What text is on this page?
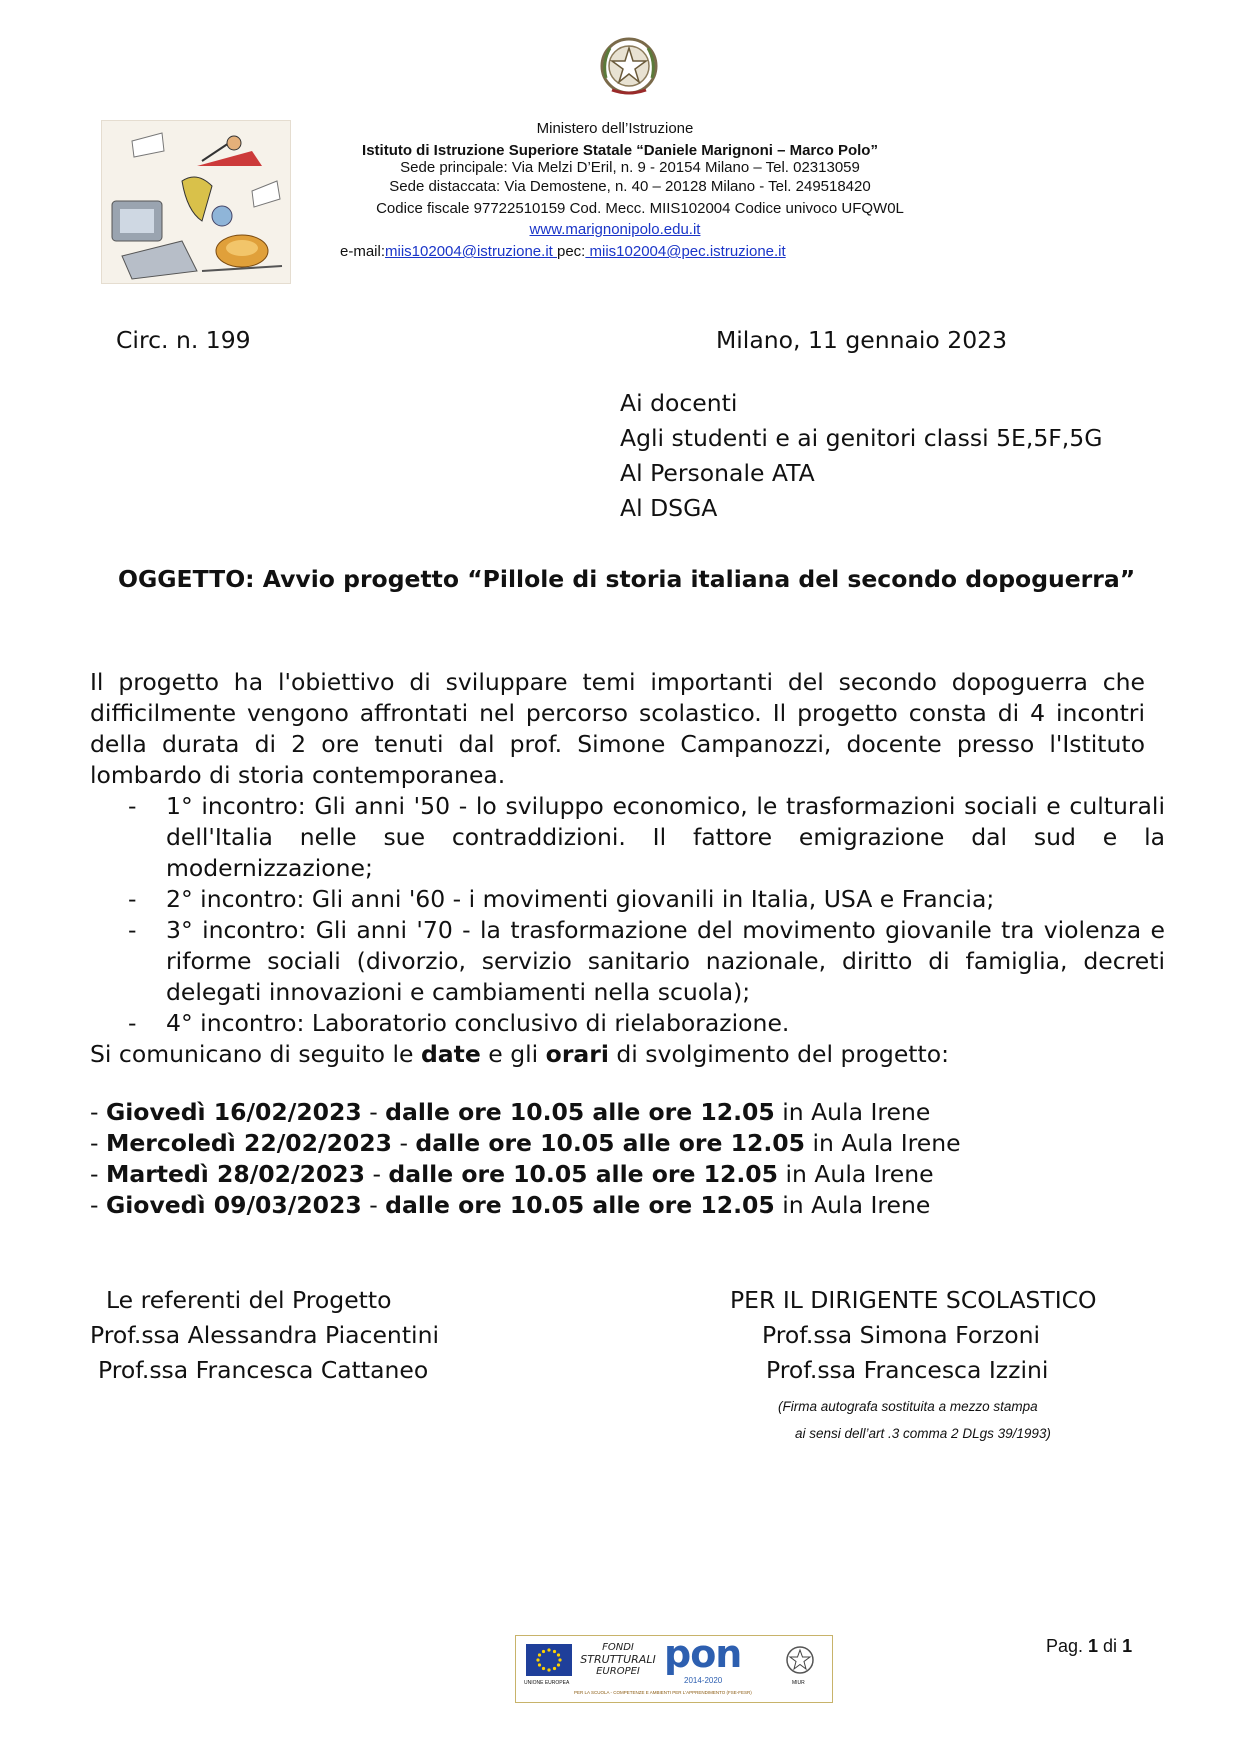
Ministero dell’Istruzione
Istituto di Istruzione Superiore Statale “Daniele Marignoni – Marco Polo”
Sede principale: Via Melzi D’Eril, n. 9 - 20154 Milano – Tel. 02313059
Sede distaccata: Via Demostene, n. 40 – 20128 Milano - Tel. 249518420
Codice fiscale 97722510159 Cod. Mecc. MIIS102004 Codice univoco UFQW0L
www.marignonipolo.edu.it
e-mail:miis102004@istruzione.it pec: miis102004@pec.istruzione.it
Circ. n. 199	Milano, 11 gennaio 2023
Ai docenti
Agli studenti e ai genitori classi 5E,5F,5G
Al Personale ATA
Al DSGA
OGGETTO: Avvio progetto “Pillole di storia italiana del secondo dopoguerra”
Il progetto ha l'obiettivo di sviluppare temi importanti del secondo dopoguerra che difficilmente vengono affrontati nel percorso scolastico. Il progetto consta di 4 incontri della durata di 2 ore tenuti dal prof. Simone Campanozzi, docente presso l'Istituto lombardo di storia contemporanea.
- 1° incontro: Gli anni '50 - lo sviluppo economico, le trasformazioni sociali e culturali dell'Italia nelle sue contraddizioni. Il fattore emigrazione dal sud e la modernizzazione;
- 2° incontro: Gli anni '60 - i movimenti giovanili in Italia, USA e Francia;
- 3° incontro: Gli anni '70 - la trasformazione del movimento giovanile tra violenza e riforme sociali (divorzio, servizio sanitario nazionale, diritto di famiglia, decreti delegati innovazioni e cambiamenti nella scuola);
- 4° incontro: Laboratorio conclusivo di rielaborazione.
Si comunicano di seguito le date e gli orari di svolgimento del progetto:
- Giovedì 16/02/2023 - dalle ore 10.05 alle ore 12.05 in Aula Irene
- Mercoledì 22/02/2023 - dalle ore 10.05 alle ore 12.05 in Aula Irene
- Martedì 28/02/2023 - dalle ore 10.05 alle ore 12.05 in Aula Irene
- Giovedì 09/03/2023 - dalle ore 10.05 alle ore 12.05 in Aula Irene
Le referenti del Progetto
Prof.ssa Alessandra Piacentini
Prof.ssa Francesca Cattaneo
PER IL DIRIGENTE SCOLASTICO
Prof.ssa Simona Forzoni
Prof.ssa Francesca Izzini
(Firma autografa sostituita a mezzo stampa
ai sensi dell’art .3 comma 2 DLgs 39/1993)
UNIONE EUROPEA
FONDI
STRUTTURALI
EUROPEI pon
2014-2020
PER LA SCUOLA - COMPETENZE E AMBIENTI PER L'APPRENDIMENTO (FSE-FESR)
MIUR
Pag. 1 di 1
